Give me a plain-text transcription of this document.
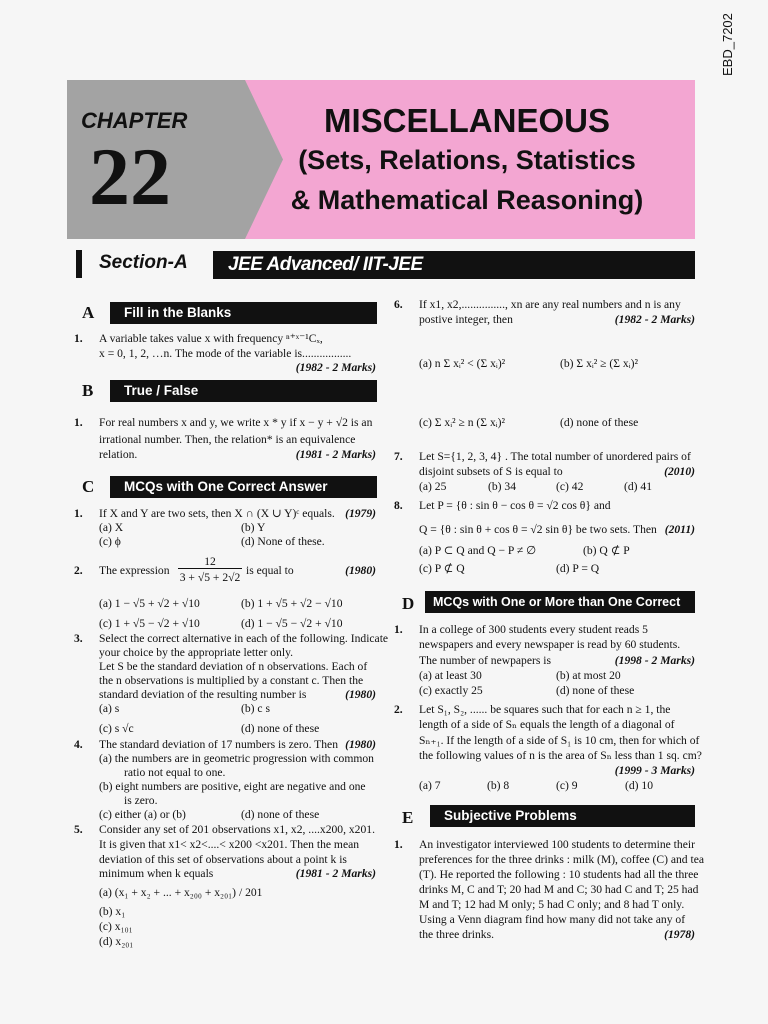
EBD_7202
CHAPTER
22
MISCELLANEOUS
(Sets, Relations, Statistics
& Mathematical Reasoning)
Section-A JEE Advanced/ IIT-JEE
A	Fill in the Blanks
1. A variable takes value x with frequency ⁿ⁺ˣ⁻¹Cₓ,
x = 0, 1, 2, …n. The mode of the variable is.................
(1982 - 2 Marks)
B	True / False
1. For real numbers x and y, we write x * y if x − y + √2 is an
irrational number. Then, the relation* is an equivalence
relation.	(1981 - 2 Marks)
C	MCQs with One Correct Answer
1. If X and Y are two sets, then X ∩ (X ∪ Y)ᶜ equals. (1979)
(a) X	(b) Y
(c) ϕ	(d) None of these.
2. The expression
12
3 + √5 + 2√2
is equal to	(1980)
(a) 1 − √5 + √2 + √10	(b) 1 + √5 + √2 − √10
(c) 1 + √5 − √2 + √10	(d) 1 − √5 − √2 + √10
3. Select the correct alternative in each of the following. Indicate
your choice by the appropriate letter only.
Let S be the standard deviation of n observations. Each of
the n observations is multiplied by a constant c. Then the
standard deviation of the resulting number is	(1980)
(a) s	(b) c s
(c) s √c	(d) none of these
4. The standard deviation of 17 numbers is zero. Then (1980)
(a) the numbers are in geometric progression with common
ratio not equal to one.
(b) eight numbers are positive, eight are negative and one
is zero.
(c) either (a) or (b)	(d) none of these
5. Consider any set of 201 observations x1, x2, ....x200, x201.
It is given that x1< x2<....< x200 <x201. Then the mean
deviation of this set of observations about a point k is
minimum when k equals	(1981 - 2 Marks)
(a) (x₁ + x₂ + ... + x₂₀₀ + x₂₀₁) / 201
(b) x₁
(c) x₁₀₁
(d) x₂₀₁
6. If x1, x2,..............., xn are any real numbers and n is any
postive integer, then	(1982 - 2 Marks)
(a) n Σ xᵢ² < (Σ xᵢ)²	(b) Σ xᵢ² ≥ (Σ xᵢ)²
(c) Σ xᵢ² ≥ n (Σ xᵢ)²	(d) none of these
7. Let S={1, 2, 3, 4} . The total number of unordered pairs of
disjoint subsets of S is equal to	(2010)
(a) 25	(b) 34	(c) 42	(d) 41
8. Let P = {θ : sin θ − cos θ = √2 cos θ} and
Q = {θ : sin θ + cos θ = √2 sin θ} be two sets. Then (2011)
(a) P ⊂ Q and Q − P ≠ ∅	(b) Q ⊄ P
(c) P ⊄ Q	(d) P = Q
D	MCQs with One or More than One Correct
1. In a college of 300 students every student reads 5
newspapers and every newspaper is read by 60 students.
The number of newpapers is	(1998 - 2 Marks)
(a) at least 30	(b) at most 20
(c) exactly 25	(d) none of these
2. Let S₁, S₂, ...... be squares such that for each n ≥ 1, the
length of a side of Sₙ equals the length of a diagonal of
Sₙ₊₁. If the length of a side of S₁ is 10 cm, then for which of
the following values of n is the area of Sₙ less than 1 sq. cm?
(1999 - 3 Marks)
(a) 7	(b) 8	(c) 9	(d) 10
E	Subjective Problems
1. An investigator interviewed 100 students to determine their
preferences for the three drinks : milk (M), coffee (C) and tea
(T). He reported the following : 10 students had all the three
drinks M, C and T; 20 had M and C; 30 had C and T; 25 had
M and T; 12 had M only; 5 had C only; and 8 had T only.
Using a Venn diagram find how many did not take any of
the three drinks.	(1978)
